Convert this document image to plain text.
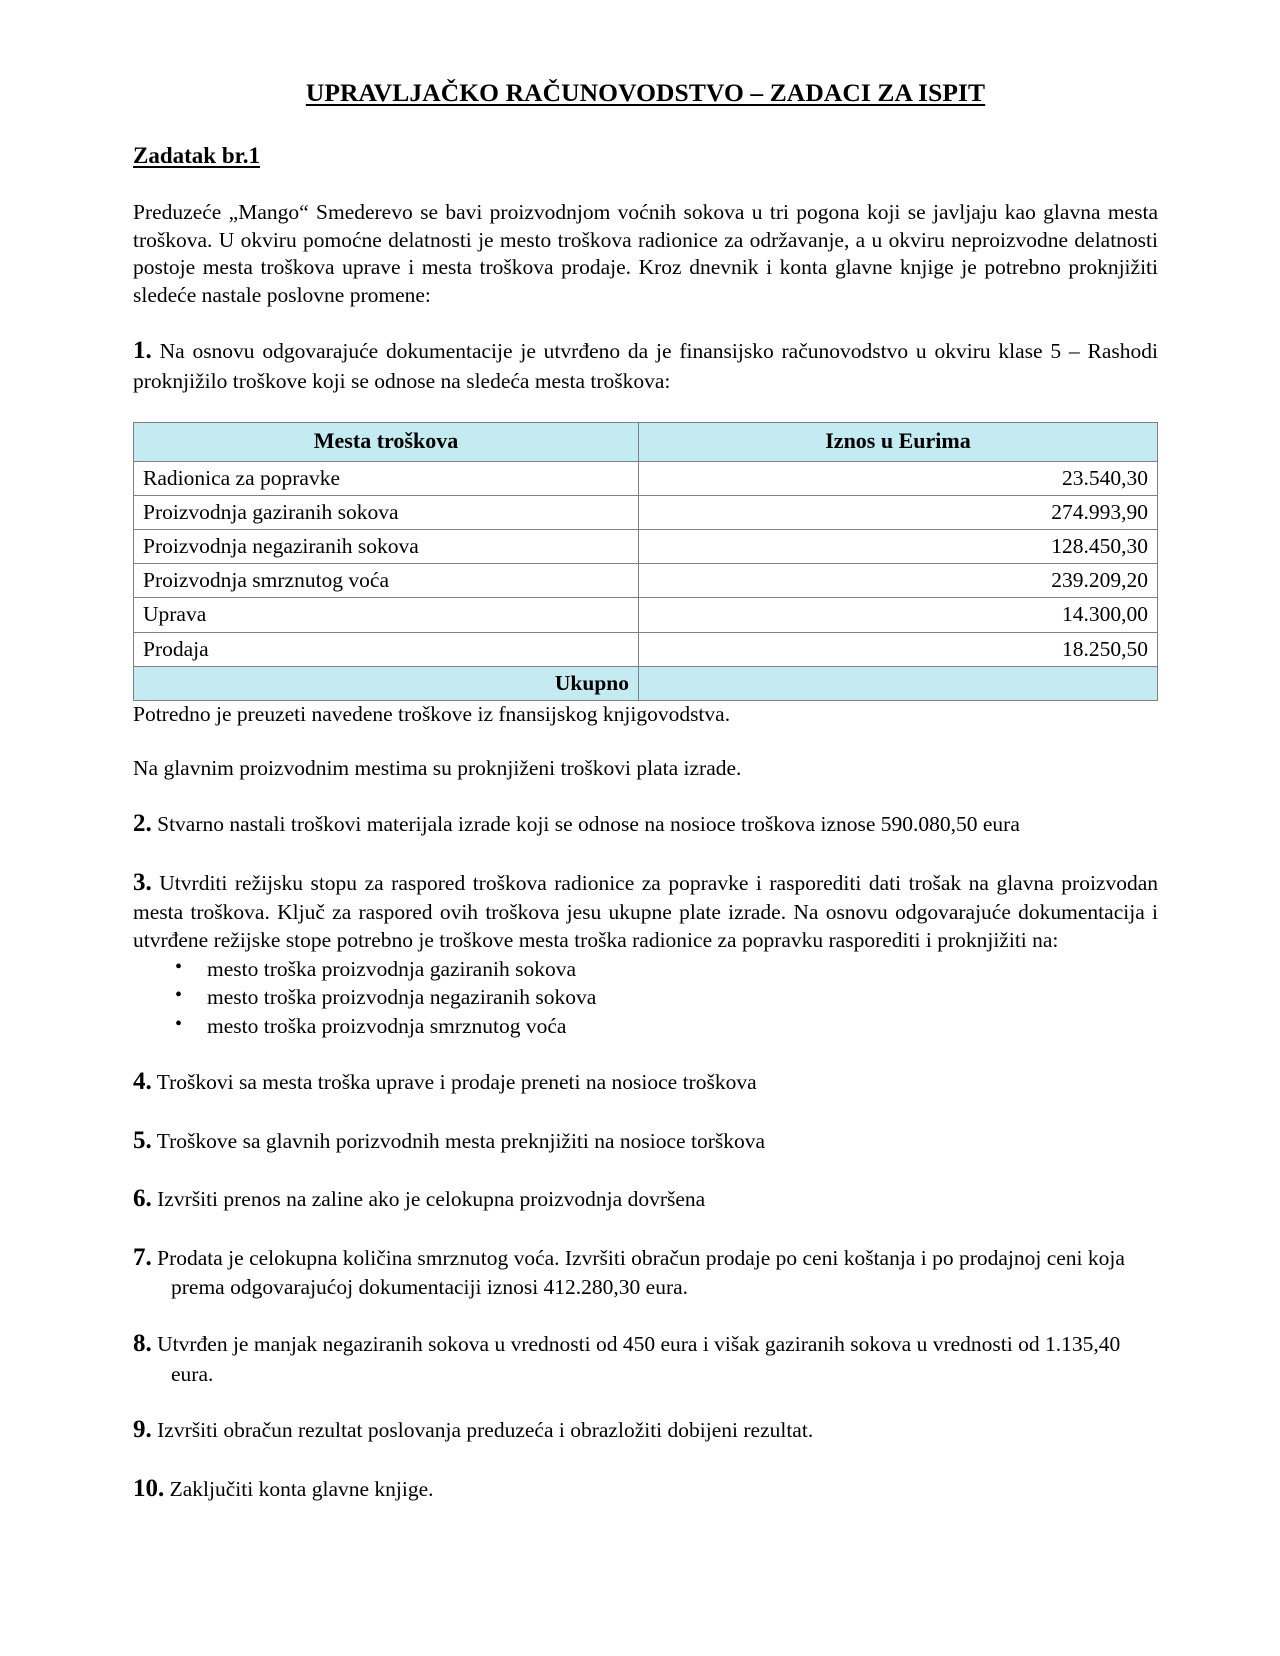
UPRAVLJAČKO RAČUNOVODSTVO – ZADACI ZA ISPIT
Zadatak br.1

Preduzeće „Mango“ Smederevo se bavi proizvodnjom voćnih sokova u tri pogona koji se javljaju kao glavna mesta troškova. U okviru pomoćne delatnosti je mesto troškova radionice za održavanje, a u okviru neproizvodne delatnosti postoje mesta troškova uprave i mesta troškova prodaje. Kroz dnevnik i konta glavne knjige je potrebno proknjižiti sledeće nastale poslovne promene:

1. Na osnovu odgovarajuće dokumentacije je utvrđeno da je finansijsko računovodstvo u okviru klase 5 – Rashodi proknjižilo troškove koji se odnose na sledeća mesta troškova:

Mesta troškova	Iznos u Eurima
Radionica za popravke	23.540,30
Proizvodnja gaziranih sokova	274.993,90
Proizvodnja negaziranih sokova	128.450,30
Proizvodnja smrznutog voća	239.209,20
Uprava	14.300,00
Prodaja	18.250,50
Ukupno	

Potredno je preuzeti navedene troškove iz fnansijskog knjigovodstva.

Na glavnim proizvodnim mestima su proknjiženi troškovi plata izrade.

2. Stvarno nastali troškovi materijala izrade koji se odnose na nosioce troškova iznose 590.080,50 eura

3. Utvrditi režijsku stopu za raspored troškova radionice za popravke i rasporediti dati trošak na glavna proizvodan mesta troškova. Ključ za raspored ovih troškova jesu ukupne plate izrade. Na osnovu odgovarajuće dokumentacija i utvrđene režijske stope potrebno je troškove mesta troška radionice za popravku rasporediti i proknjižiti na:

• mesto troška proizvodnja gaziranih sokova
• mesto troška proizvodnja negaziranih sokova
• mesto troška proizvodnja smrznutog voća

4. Troškovi sa mesta troška uprave i prodaje preneti na nosioce troškova

5. Troškove sa glavnih porizvodnih mesta preknjižiti na nosioce torškova

6. Izvršiti prenos na zaline ako je celokupna proizvodnja dovršena

7. Prodata je celokupna količina smrznutog voća. Izvršiti obračun prodaje po ceni koštanja i po prodajnoj ceni koja prema odgovarajućoj dokumentaciji iznosi 412.280,30 eura.

8. Utvrđen je manjak negaziranih sokova u vrednosti od 450 eura i višak gaziranih sokova u vrednosti od 1.135,40 eura.

9. Izvršiti obračun rezultat poslovanja preduzeća i obrazložiti dobijeni rezultat.

10. Zaključiti konta glavne knjige.
